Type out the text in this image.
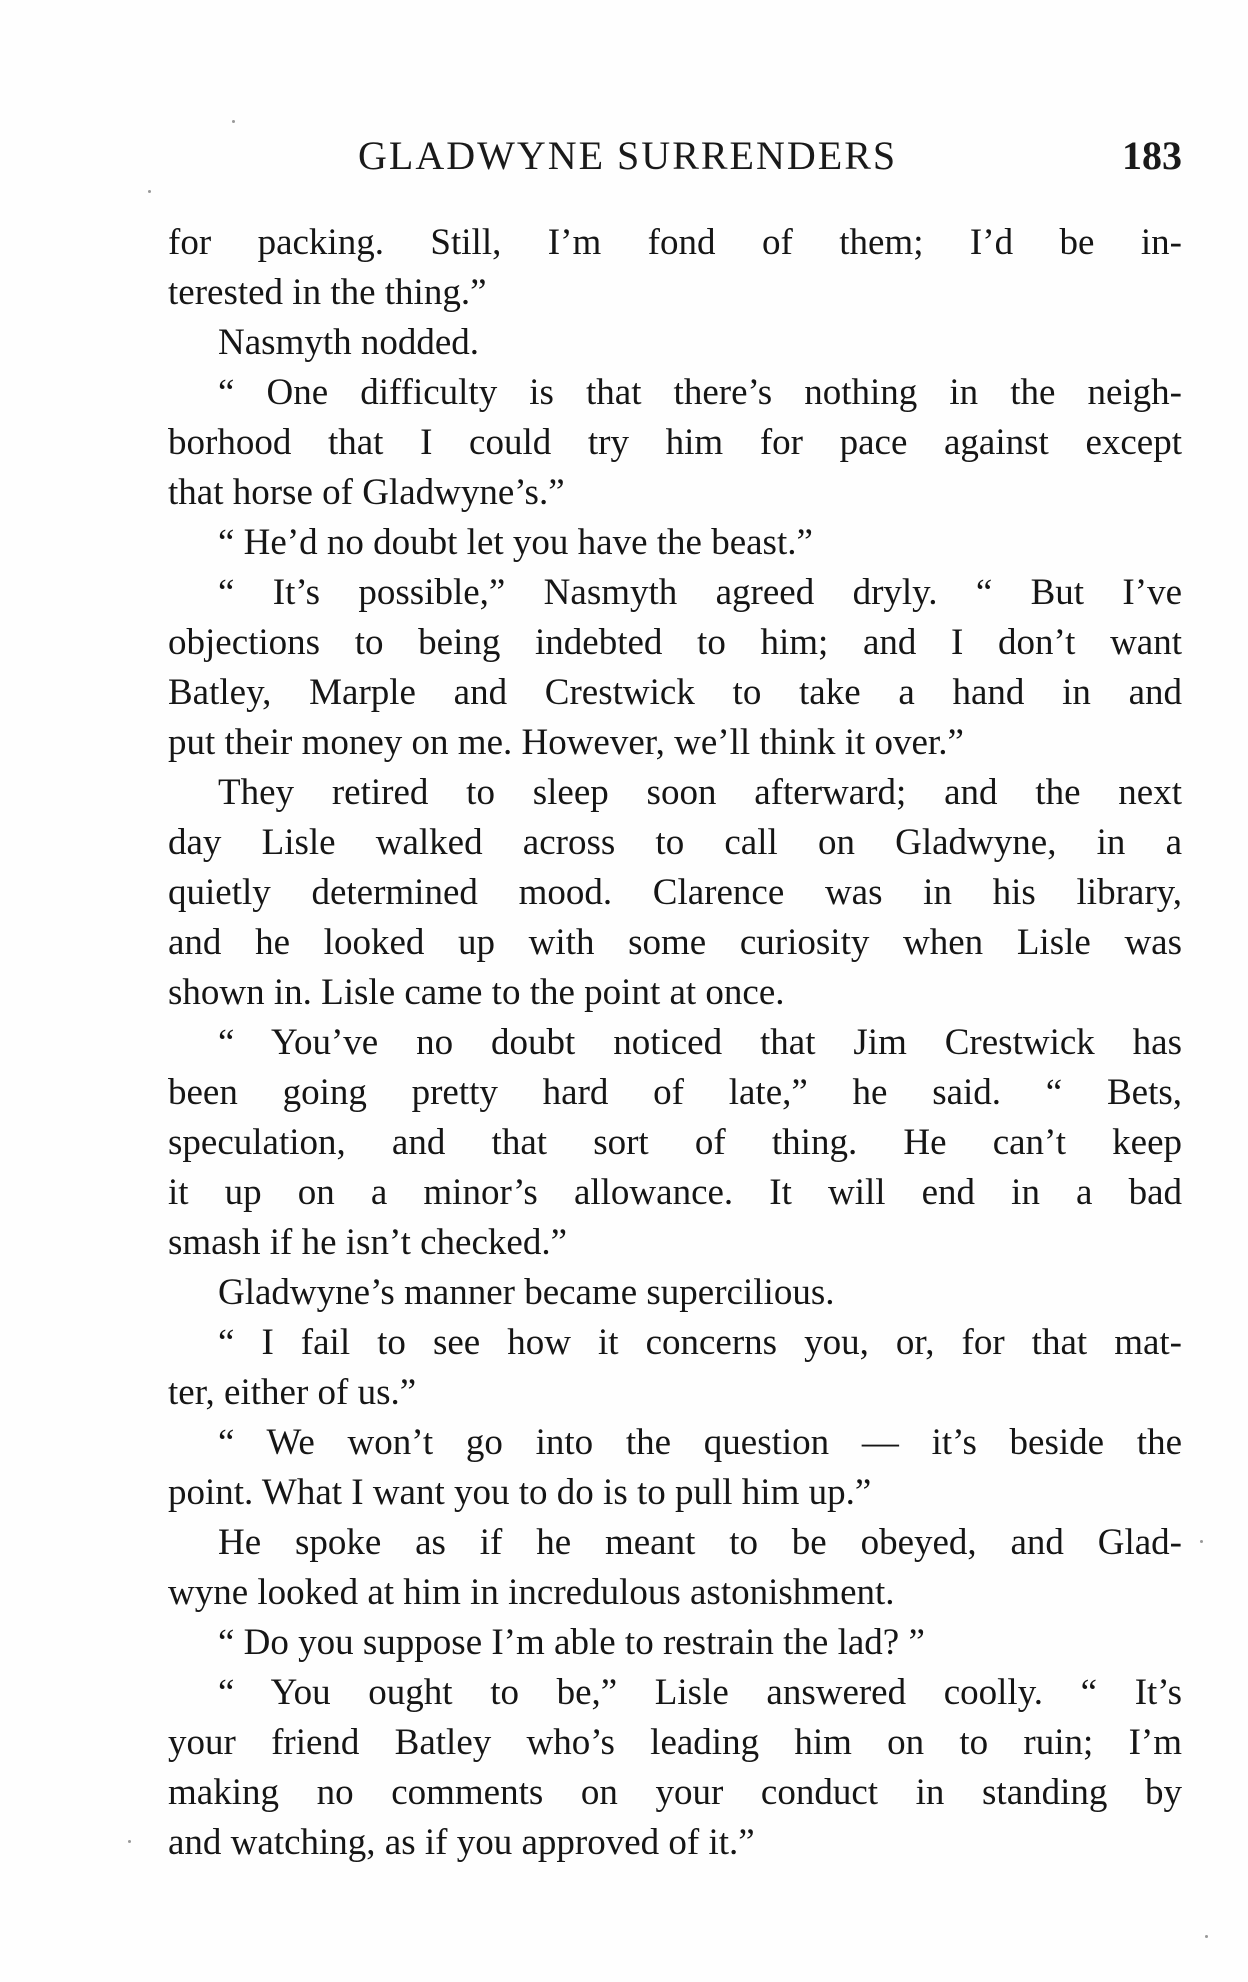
GLADWYNE SURRENDERS	183
for packing. Still, I’m fond of them; I’d be in-
terested in the thing.”
Nasmyth nodded.
“ One difficulty is that there’s nothing in the neigh-
borhood that I could try him for pace against except
that horse of Gladwyne’s.”
“ He’d no doubt let you have the beast.”
“ It’s possible,” Nasmyth agreed dryly. “ But I’ve
objections to being indebted to him; and I don’t want
Batley, Marple and Crestwick to take a hand in and
put their money on me. However, we’ll think it over.”
They retired to sleep soon afterward; and the next
day Lisle walked across to call on Gladwyne, in a
quietly determined mood. Clarence was in his library,
and he looked up with some curiosity when Lisle was
shown in. Lisle came to the point at once.
“ You’ve no doubt noticed that Jim Crestwick has
been going pretty hard of late,” he said. “ Bets,
speculation, and that sort of thing. He can’t keep
it up on a minor’s allowance. It will end in a bad
smash if he isn’t checked.”
Gladwyne’s manner became supercilious.
“ I fail to see how it concerns you, or, for that mat-
ter, either of us.”
“ We won’t go into the question — it’s beside the
point. What I want you to do is to pull him up.”
He spoke as if he meant to be obeyed, and Glad-
wyne looked at him in incredulous astonishment.
“ Do you suppose I’m able to restrain the lad? ”
“ You ought to be,” Lisle answered coolly. “ It’s
your friend Batley who’s leading him on to ruin; I’m
making no comments on your conduct in standing by
and watching, as if you approved of it.”
